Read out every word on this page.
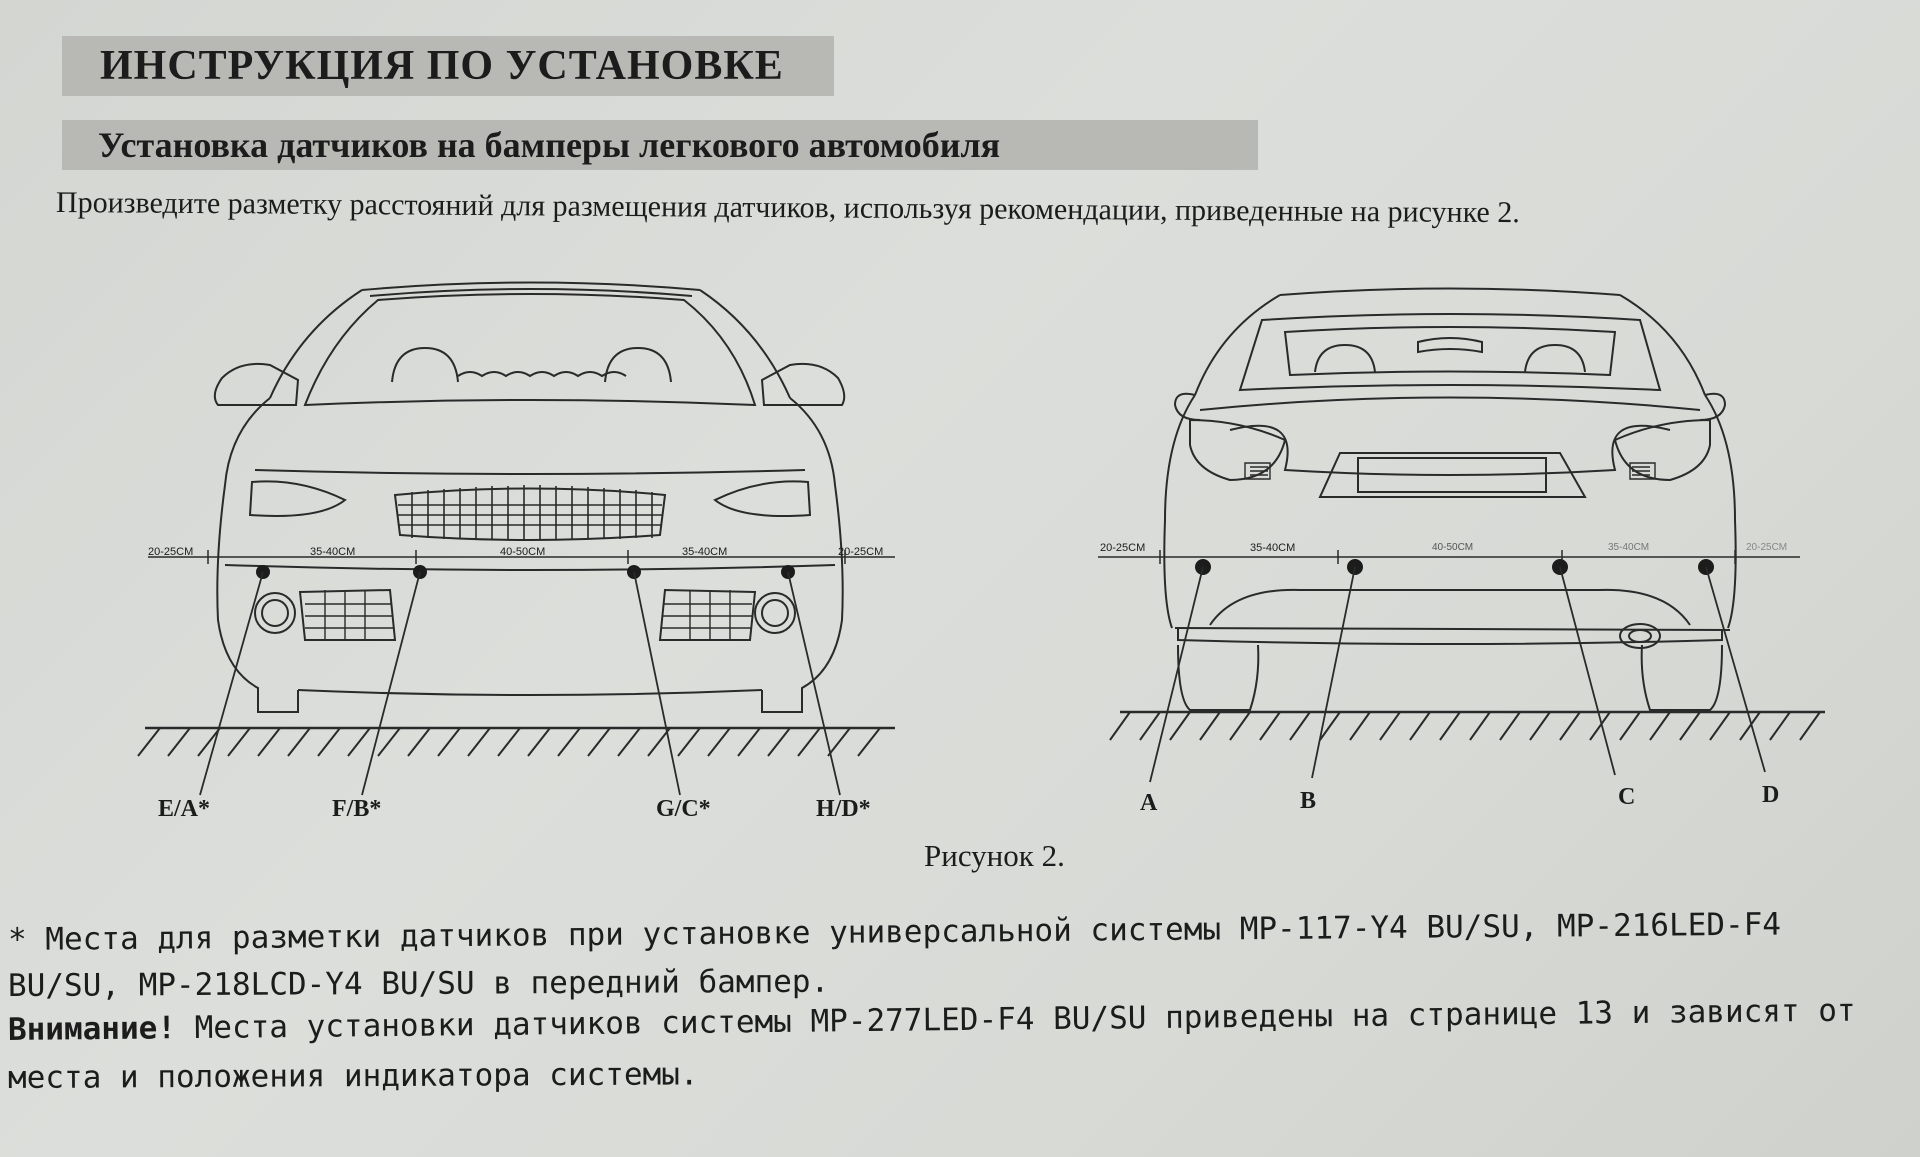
ИНСТРУКЦИЯ ПО УСТАНОВКЕ
Установка датчиков на бамперы легкового автомобиля
Произведите разметку расстояний для размещения датчиков, используя рекомендации, приведенные на рисунке 2.
20-25CM	35-40CM	40-50CM	35-40CM	20-25CM	20-25CM	35-40CM	40-50CM	35-40CM	20-25CM
E/A*	F/B*	G/C*	H/D*	A	B	C	D
Рисунок 2.
* Места для разметки датчиков при установке универсальной системы MP-117-Y4 BU/SU, MP-216LED-F4
BU/SU, MP-218LCD-Y4 BU/SU в передний бампер.
Внимание! Места установки датчиков системы MP-277LED-F4 BU/SU приведены на странице 13 и зависят от
места и положения индикатора системы.
